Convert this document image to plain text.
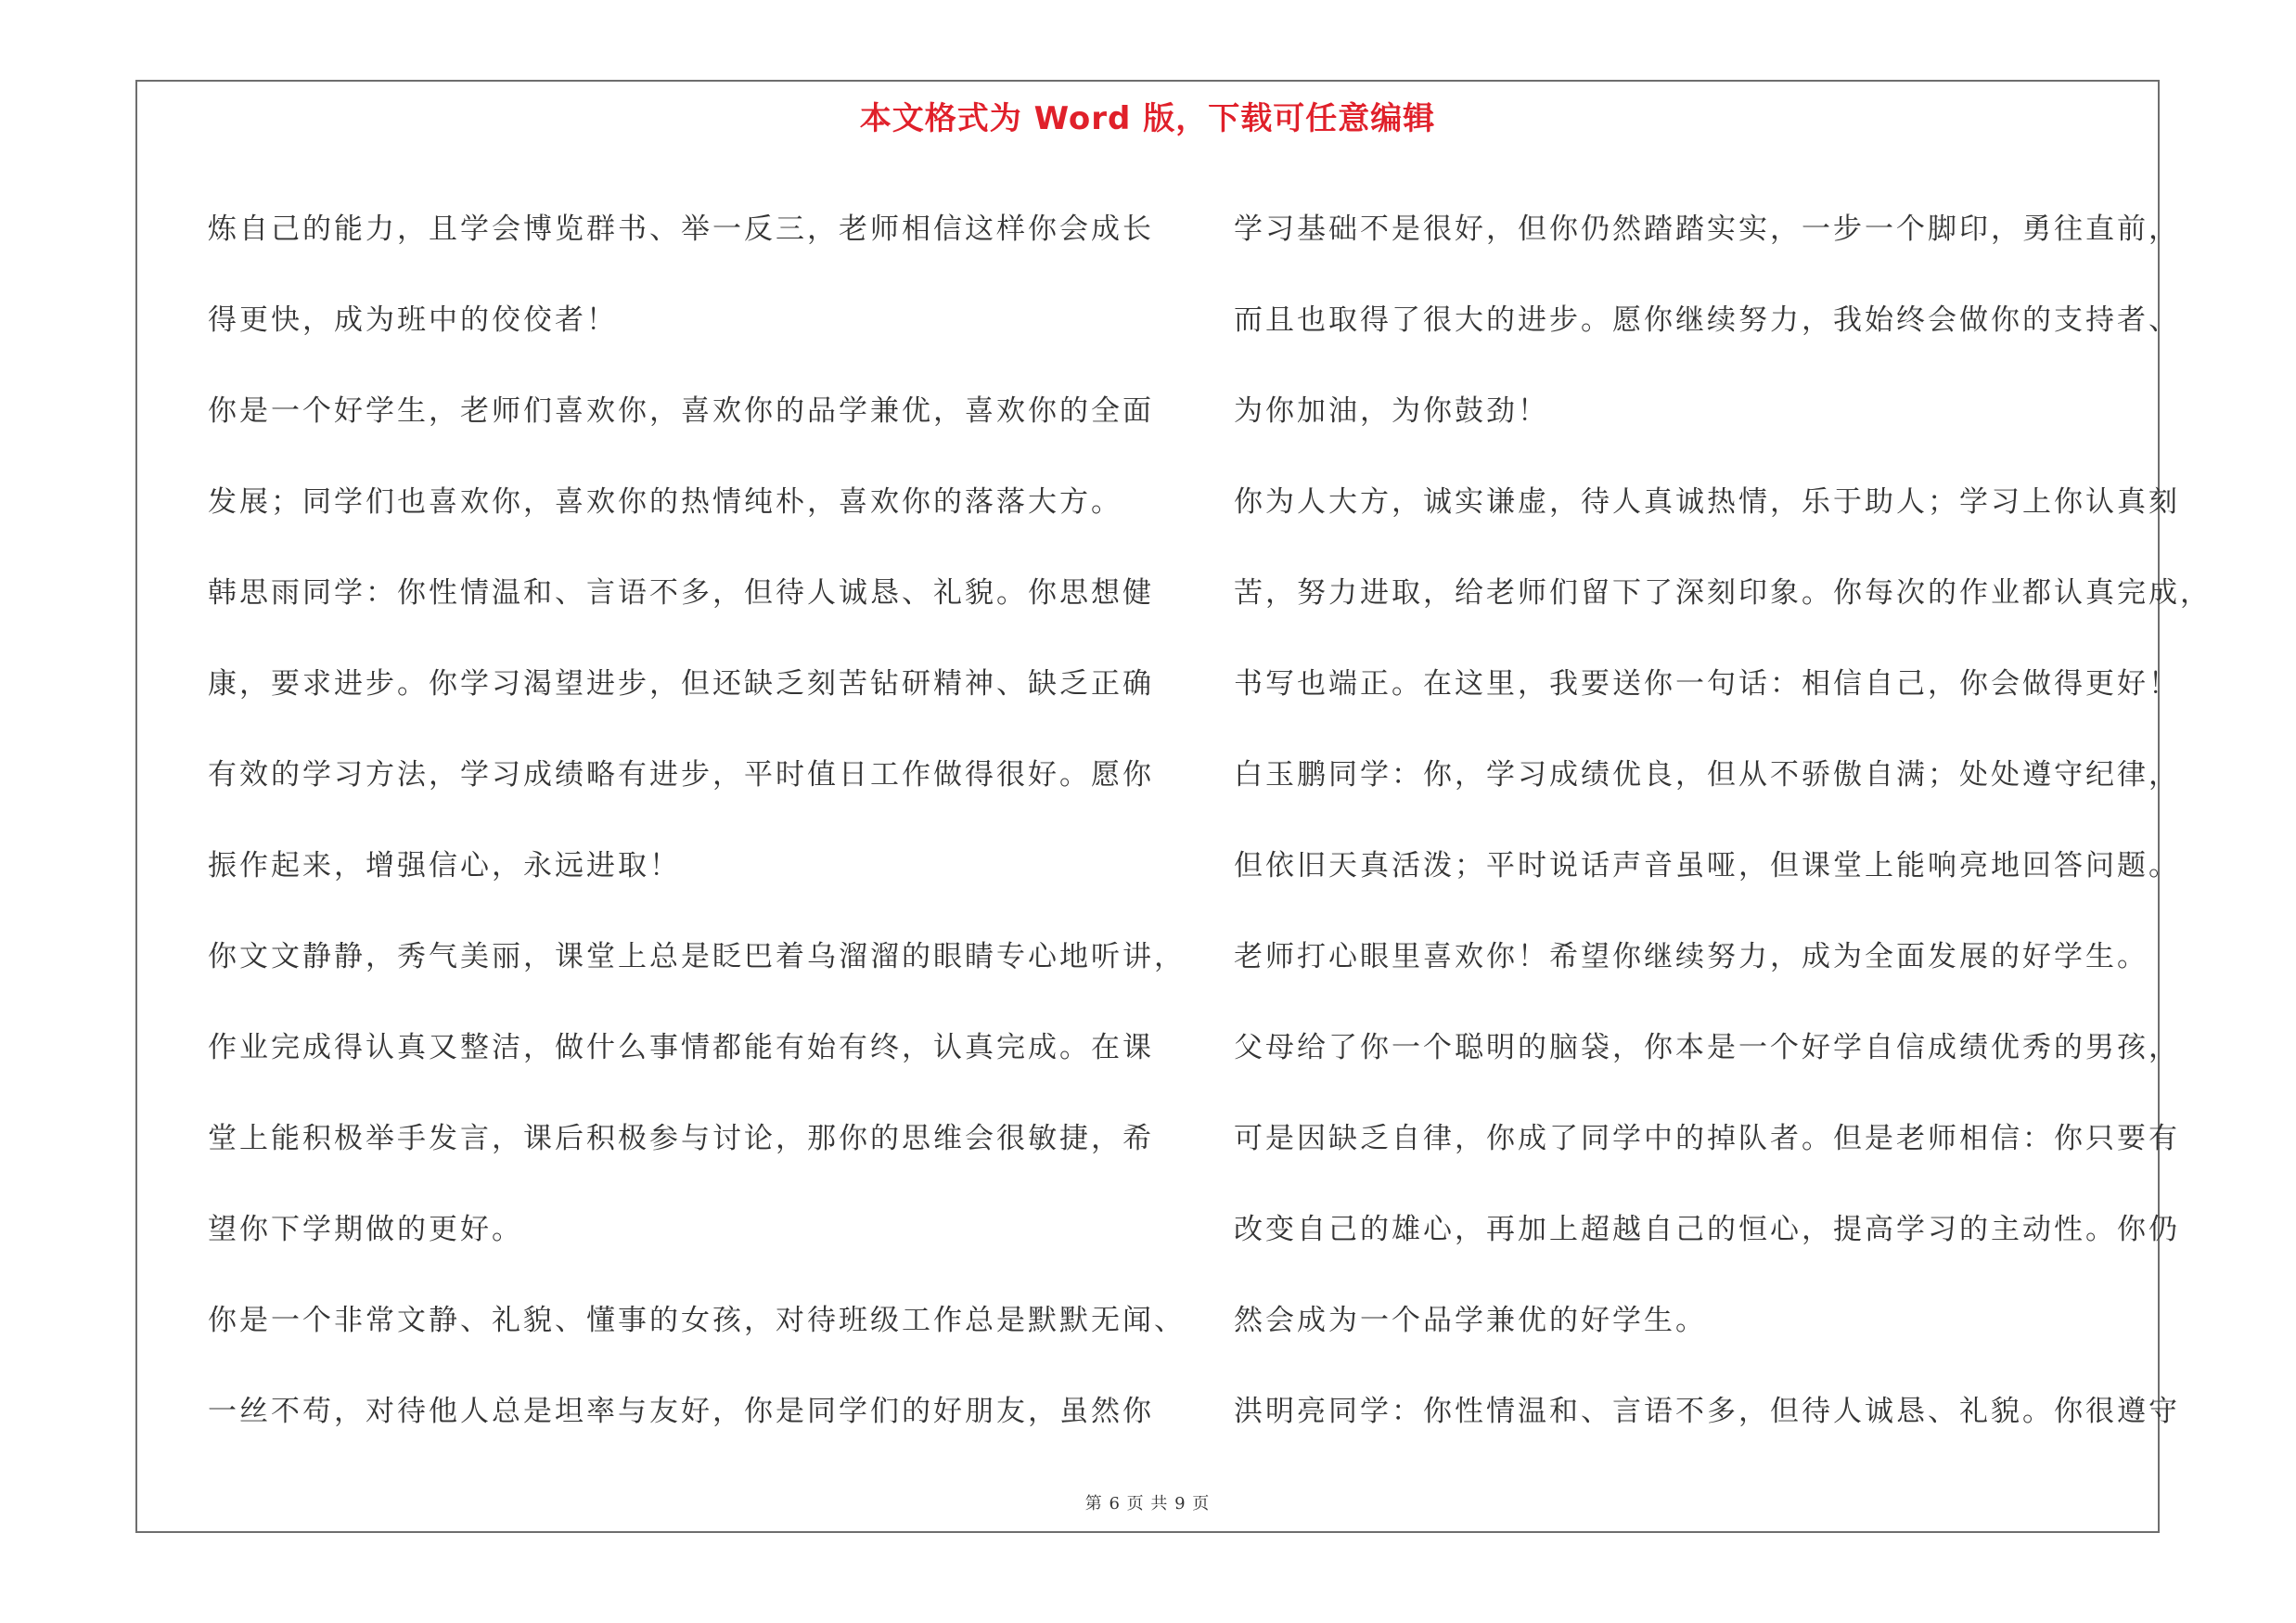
本文格式为 Word 版，下载可任意编辑
炼自己的能力，且学会博览群书、举一反三，老师相信这样你会成长
得更快，成为班中的佼佼者！
你是一个好学生，老师们喜欢你，喜欢你的品学兼优，喜欢你的全面
发展；同学们也喜欢你，喜欢你的热情纯朴，喜欢你的落落大方。
韩思雨同学：你性情温和、言语不多，但待人诚恳、礼貌。你思想健
康，要求进步。你学习渴望进步，但还缺乏刻苦钻研精神、缺乏正确
有效的学习方法，学习成绩略有进步，平时值日工作做得很好。愿你
振作起来，增强信心，永远进取！
你文文静静，秀气美丽，课堂上总是眨巴着乌溜溜的眼睛专心地听讲，
作业完成得认真又整洁，做什么事情都能有始有终，认真完成。在课
堂上能积极举手发言，课后积极参与讨论，那你的思维会很敏捷，希
望你下学期做的更好。
你是一个非常文静、礼貌、懂事的女孩，对待班级工作总是默默无闻、
一丝不苟，对待他人总是坦率与友好，你是同学们的好朋友，虽然你
学习基础不是很好，但你仍然踏踏实实，一步一个脚印，勇往直前，
而且也取得了很大的进步。愿你继续努力，我始终会做你的支持者、
为你加油，为你鼓劲！
你为人大方，诚实谦虚，待人真诚热情，乐于助人；学习上你认真刻
苦，努力进取，给老师们留下了深刻印象。你每次的作业都认真完成，
书写也端正。在这里，我要送你一句话：相信自己，你会做得更好！
白玉鹏同学：你，学习成绩优良，但从不骄傲自满；处处遵守纪律，
但依旧天真活泼；平时说话声音虽哑，但课堂上能响亮地回答问题。
老师打心眼里喜欢你！希望你继续努力，成为全面发展的好学生。
父母给了你一个聪明的脑袋，你本是一个好学自信成绩优秀的男孩，
可是因缺乏自律，你成了同学中的掉队者。但是老师相信：你只要有
改变自己的雄心，再加上超越自己的恒心，提高学习的主动性。你仍
然会成为一个品学兼优的好学生。
洪明亮同学：你性情温和、言语不多，但待人诚恳、礼貌。你很遵守
第 6 页 共 9 页
